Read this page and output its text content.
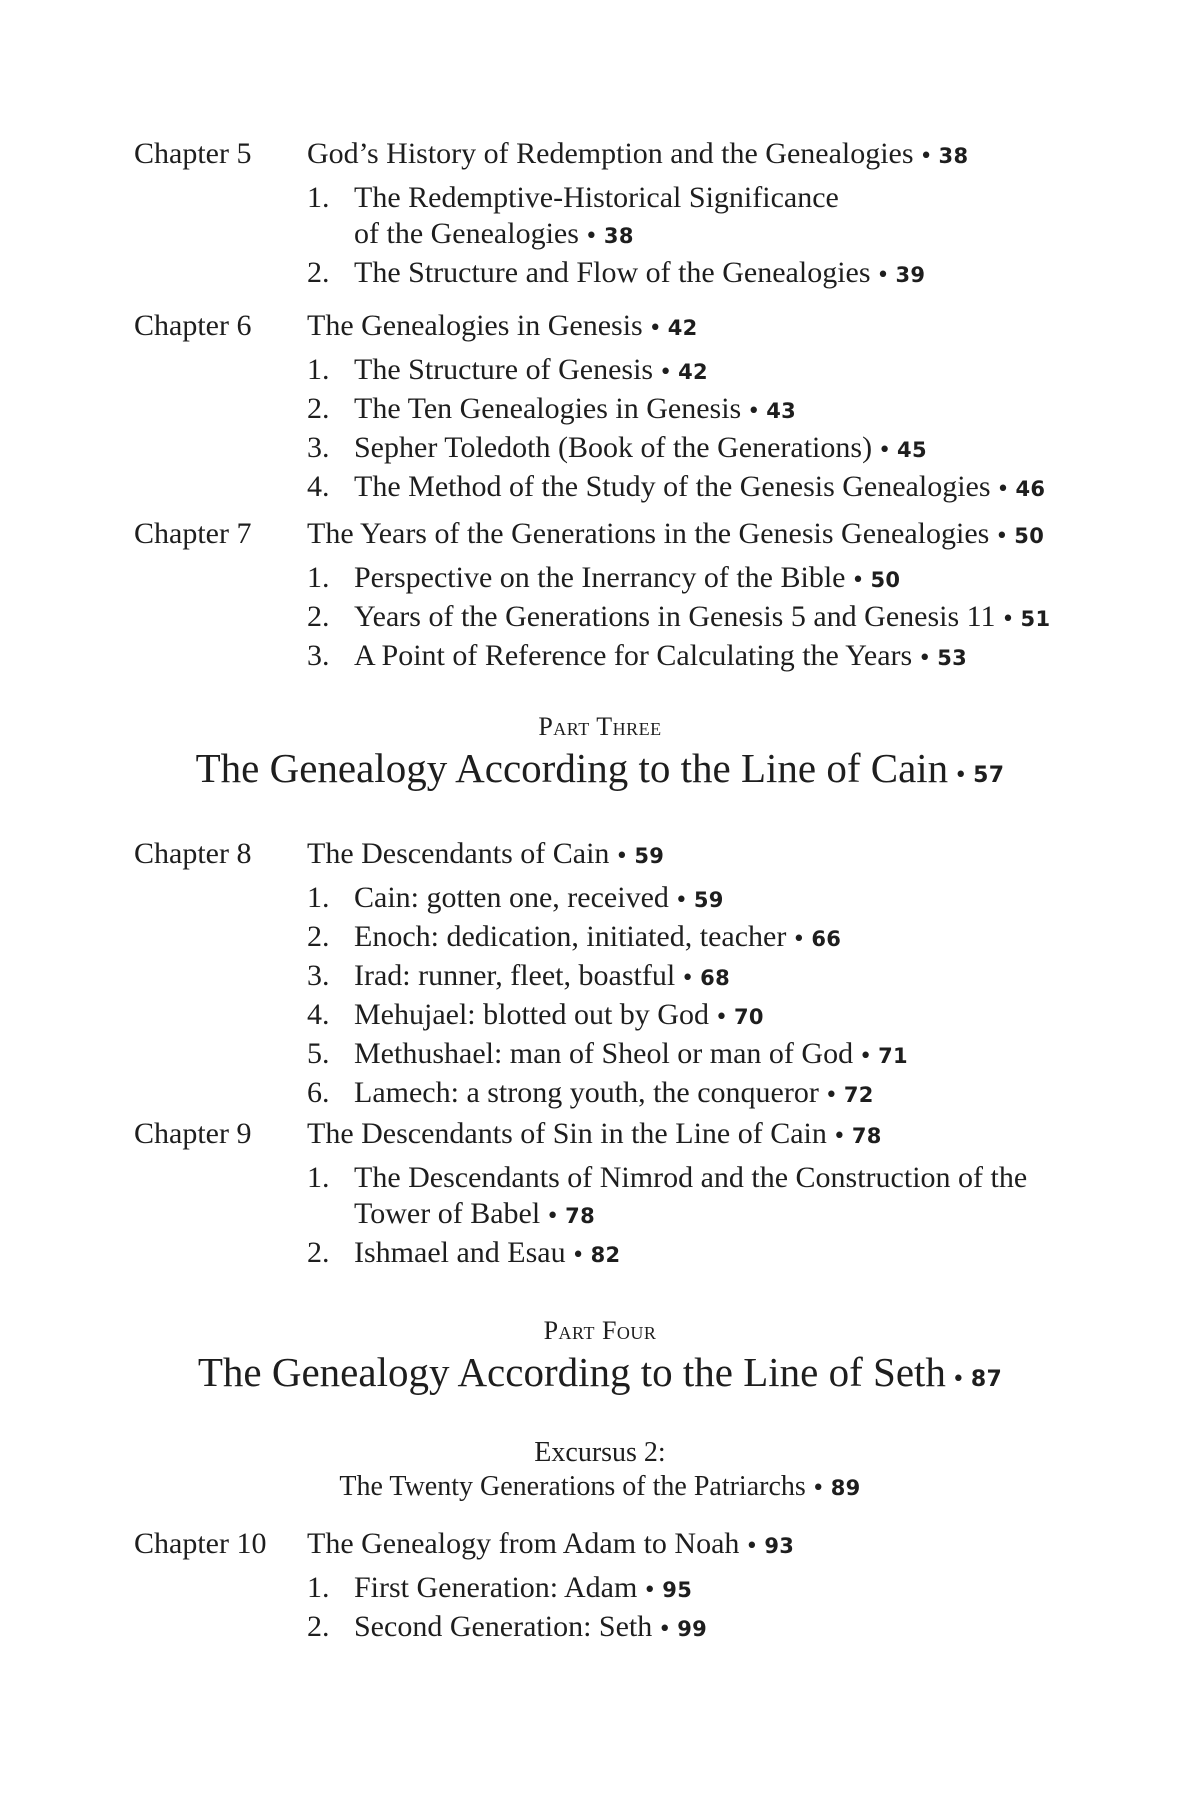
Chapter 5 God’s History of Redemption and the Genealogies • 38
1. The Redemptive-Historical Significance
of the Genealogies • 38
2. The Structure and Flow of the Genealogies • 39
Chapter 6 The Genealogies in Genesis • 42
1. The Structure of Genesis • 42
2. The Ten Genealogies in Genesis • 43
3. Sepher Toledoth (Book of the Generations) • 45
4. The Method of the Study of the Genesis Genealogies • 46
Chapter 7 The Years of the Generations in the Genesis Genealogies • 50
1. Perspective on the Inerrancy of the Bible • 50
2. Years of the Generations in Genesis 5 and Genesis 11 • 51
3. A Point of Reference for Calculating the Years • 53
Part Three
The Genealogy According to the Line of Cain • 57
Chapter 8 The Descendants of Cain • 59
1. Cain: gotten one, received • 59
2. Enoch: dedication, initiated, teacher • 66
3. Irad: runner, fleet, boastful • 68
4. Mehujael: blotted out by God • 70
5. Methushael: man of Sheol or man of God • 71
6. Lamech: a strong youth, the conqueror • 72
Chapter 9 The Descendants of Sin in the Line of Cain • 78
1. The Descendants of Nimrod and the Construction of the
Tower of Babel • 78
2. Ishmael and Esau • 82
Part Four
The Genealogy According to the Line of Seth • 87
Excursus 2:
The Twenty Generations of the Patriarchs • 89
Chapter 10 The Genealogy from Adam to Noah • 93
1. First Generation: Adam • 95
2. Second Generation: Seth • 99
